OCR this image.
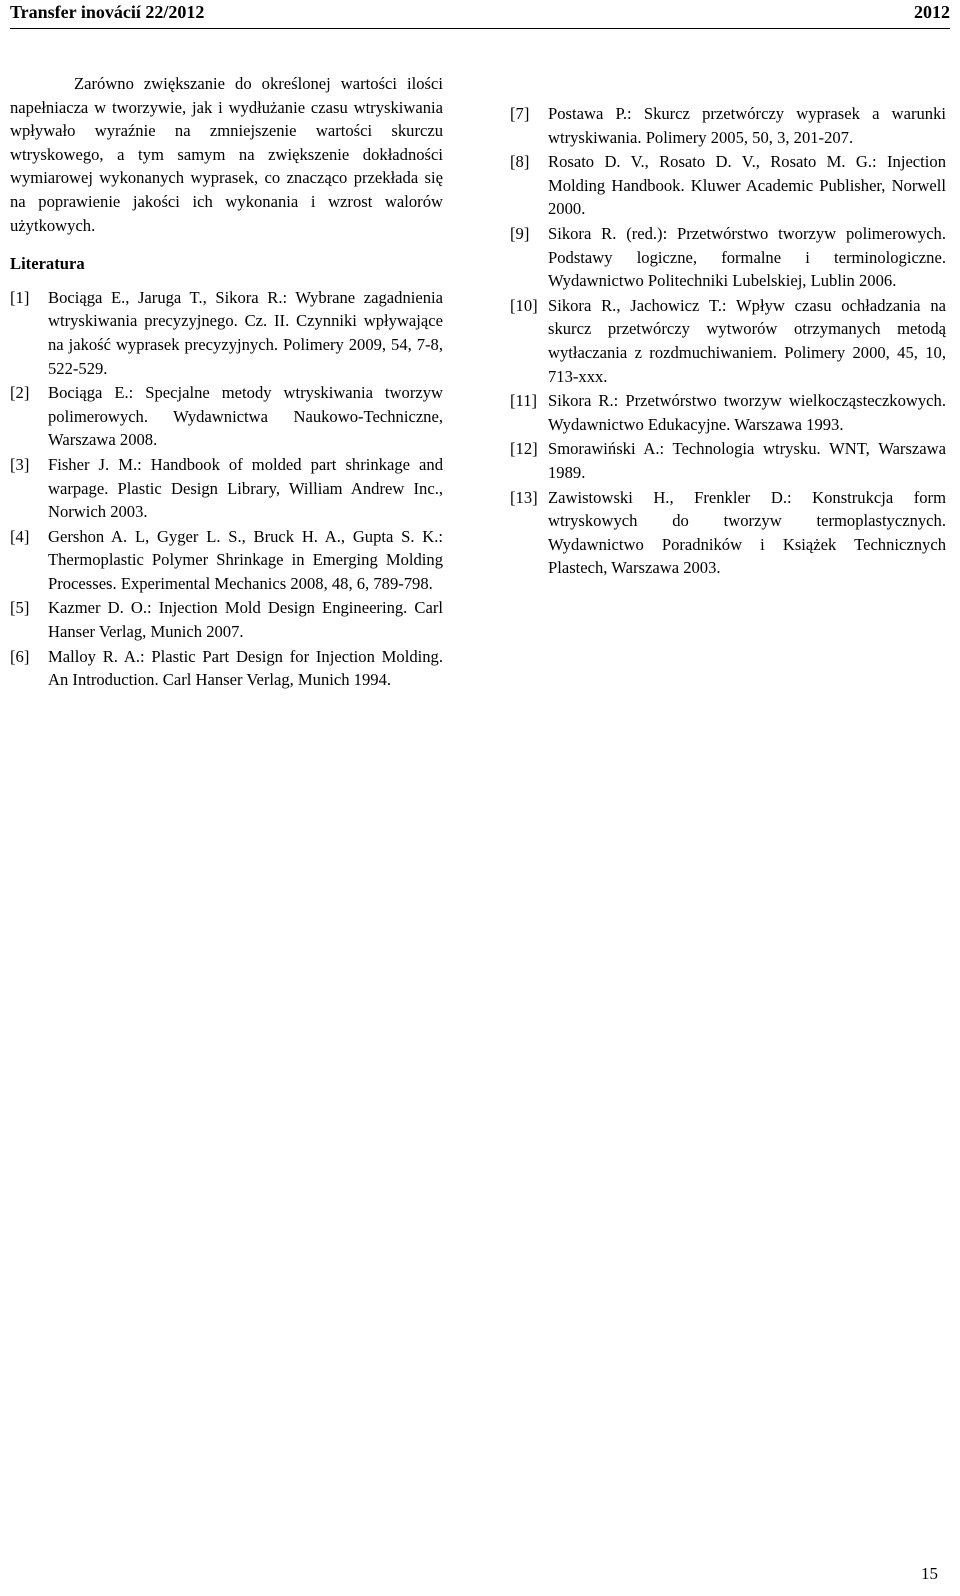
Transfer inovácií 22/2012	2012

Zarówno zwiększanie do określonej wartości ilości napełniacza w tworzywie, jak i wydłużanie czasu wtryskiwania wpływało wyraźnie na zmniejszenie wartości skurczu wtryskowego, a tym samym na zwiększenie dokładności wymiarowej wykonanych wyprasek, co znacząco przekłada się na poprawienie jakości ich wykonania i wzrost walorów użytkowych.

Literatura
[1]	Bociąga E., Jaruga T., Sikora R.: Wybrane zagadnienia wtryskiwania precyzyjnego. Cz. II. Czynniki wpływające na jakość wyprasek precyzyjnych. Polimery 2009, 54, 7-8, 522-529.
[2]	Bociąga E.: Specjalne metody wtryskiwania tworzyw polimerowych. Wydawnictwa Naukowo-Techniczne, Warszawa 2008.
[3]	Fisher J. M.: Handbook of molded part shrinkage and warpage. Plastic Design Library, William Andrew Inc., Norwich 2003.
[4]	Gershon A. L, Gyger L. S., Bruck H. A., Gupta S. K.: Thermoplastic Polymer Shrinkage in Emerging Molding Processes. Experimental Mechanics 2008, 48, 6, 789-798.
[5]	Kazmer D. O.: Injection Mold Design Engineering. Carl Hanser Verlag, Munich 2007.
[6]	Malloy R. A.: Plastic Part Design for Injection Molding. An Introduction. Carl Hanser Verlag, Munich 1994.
[7]	Postawa P.: Skurcz przetwórczy wyprasek a warunki wtryskiwania. Polimery 2005, 50, 3, 201-207.
[8]	Rosato D. V., Rosato D. V., Rosato M. G.: Injection Molding Handbook. Kluwer Academic Publisher, Norwell 2000.
[9]	Sikora R. (red.): Przetwórstwo tworzyw polimerowych. Podstawy logiczne, formalne i terminologiczne. Wydawnictwo Politechniki Lubelskiej, Lublin 2006.
[10] Sikora R., Jachowicz T.: Wpływ czasu ochładzania na skurcz przetwórczy wytworów otrzymanych metodą wytłaczania z rozdmuchiwaniem. Polimery 2000, 45, 10, 713-xxx.
[11] Sikora R.: Przetwórstwo tworzyw wielkocząsteczkowych. Wydawnictwo Edukacyjne. Warszawa 1993.
[12] Smorawiński A.: Technologia wtrysku. WNT, Warszawa 1989.
[13] Zawistowski H., Frenkler D.: Konstrukcja form wtryskowych do tworzyw termoplastycznych. Wydawnictwo Poradników i Książek Technicznych Plastech, Warszawa 2003.
15
